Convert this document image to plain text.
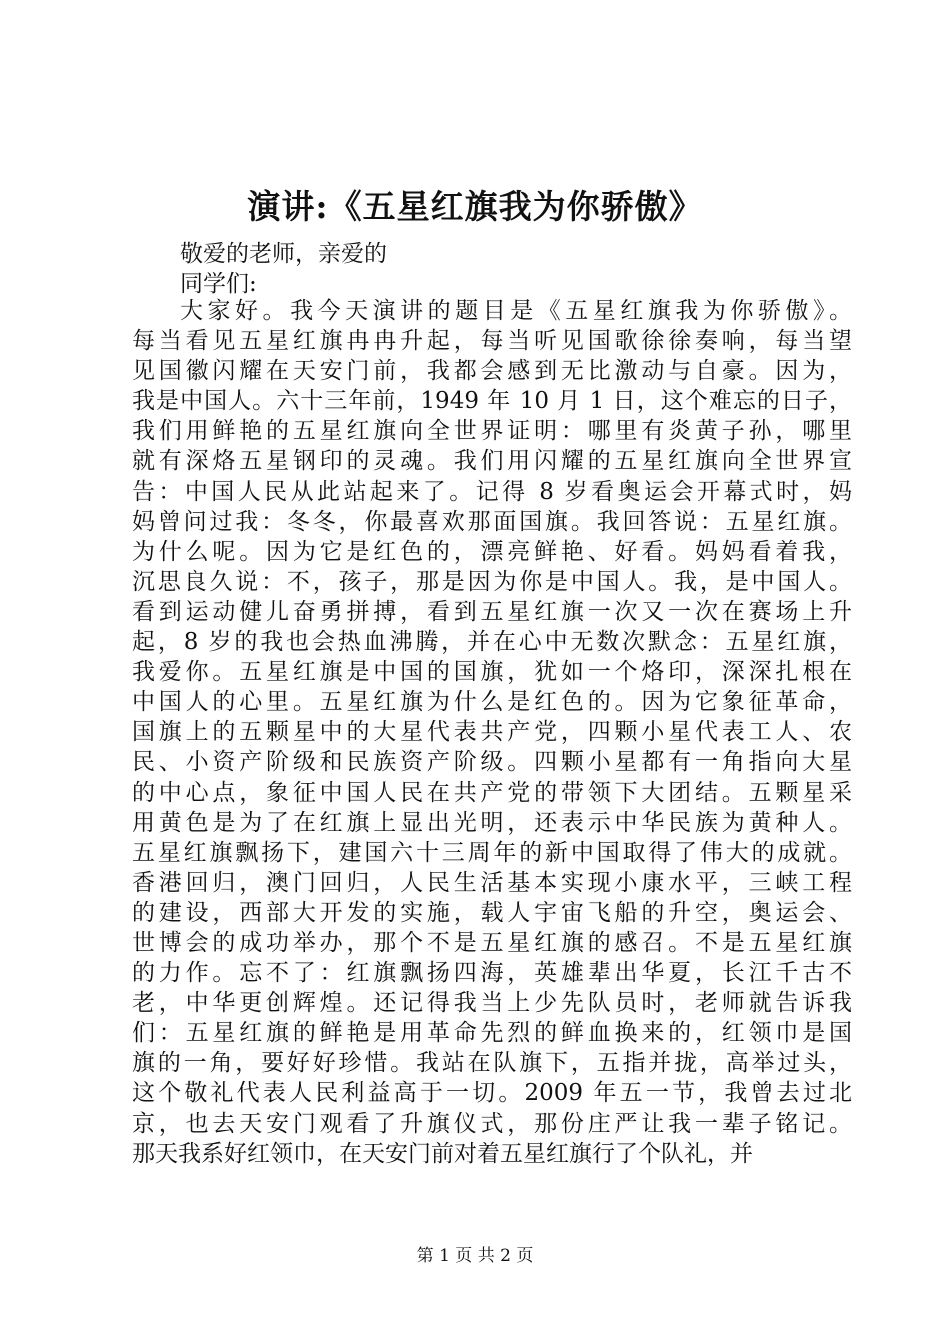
演讲:《五星红旗我为你骄傲》

敬爱的老师，亲爱的

同学们:

大家好。我今天演讲的题目是《五星红旗我为你骄傲》。
每当看见五星红旗冉冉升起，每当听见国歌徐徐奏响，每当望
见国徽闪耀在天安门前，我都会感到无比激动与自豪。因为，
我是中国人。六十三年前，1949 年 10 月 1 日，这个难忘的日子，
我们用鲜艳的五星红旗向全世界证明：哪里有炎黄子孙，哪里
就有深烙五星钢印的灵魂。我们用闪耀的五星红旗向全世界宣
告：中国人民从此站起来了。记得 8 岁看奥运会开幕式时，妈
妈曾问过我：冬冬，你最喜欢那面国旗。我回答说：五星红旗。
为什么呢。因为它是红色的，漂亮鲜艳、好看。妈妈看着我，
沉思良久说：不，孩子，那是因为你是中国人。我，是中国人。
看到运动健儿奋勇拼搏，看到五星红旗一次又一次在赛场上升
起，8 岁的我也会热血沸腾，并在心中无数次默念：五星红旗，
我爱你。五星红旗是中国的国旗，犹如一个烙印，深深扎根在
中国人的心里。五星红旗为什么是红色的。因为它象征革命，
国旗上的五颗星中的大星代表共产党，四颗小星代表工人、农
民、小资产阶级和民族资产阶级。四颗小星都有一角指向大星
的中心点，象征中国人民在共产党的带领下大团结。五颗星采
用黄色是为了在红旗上显出光明，还表示中华民族为黄种人。
五星红旗飘扬下，建国六十三周年的新中国取得了伟大的成就。
香港回归，澳门回归，人民生活基本实现小康水平，三峡工程
的建设，西部大开发的实施，载人宇宙飞船的升空，奥运会、
世博会的成功举办，那个不是五星红旗的感召。不是五星红旗
的力作。忘不了：红旗飘扬四海，英雄辈出华夏，长江千古不
老，中华更创辉煌。还记得我当上少先队员时，老师就告诉我
们：五星红旗的鲜艳是用革命先烈的鲜血换来的，红领巾是国
旗的一角，要好好珍惜。我站在队旗下，五指并拢，高举过头，
这个敬礼代表人民利益高于一切。2009 年五一节，我曾去过北
京，也去天安门观看了升旗仪式，那份庄严让我一辈子铭记。
那天我系好红领巾，在天安门前对着五星红旗行了个队礼，并
第 1 页 共 2 页
